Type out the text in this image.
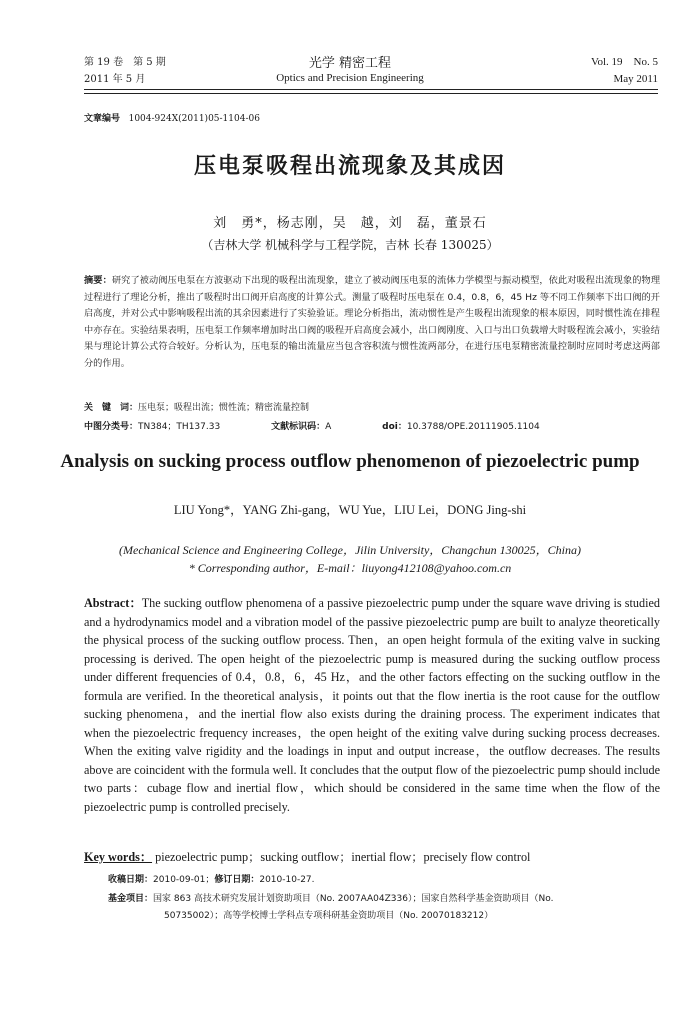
第 19 卷　第 5 期
2011 年 5 月
光学 精密工程
Optics and Precision Engineering
Vol. 19　No. 5
May 2011
文章编号 1004-924X(2011)05-1104-06
压电泵吸程出流现象及其成因
刘　勇*，杨志刚，吴　越，刘　磊，董景石
（吉林大学 机械科学与工程学院，吉林 长春 130025）
摘要：研究了被动阀压电泵在方波驱动下出现的吸程出流现象，建立了被动阀压电泵的流体力学模型与振动模型，依此对吸程出流现象的物理过程进行了理论分析，推出了吸程时出口阀开启高度的计算公式。测量了吸程时压电泵在 0.4，0.8，6，45 Hz 等不同工作频率下出口阀的开启高度，并对公式中影响吸程出流的其余因素进行了实验验证。理论分析指出，流动惯性是产生吸程出流现象的根本原因，同时惯性流在排程中亦存在。实验结果表明，压电泵工作频率增加时出口阀的吸程开启高度会减小，出口阀刚度、入口与出口负载增大时吸程流会减小，实验结果与理论计算公式符合较好。分析认为，压电泵的输出流量应当包含容积流与惯性流两部分，在进行压电泵精密流量控制时应同时考虑这两部分的作用。
关　键　词：压电泵；吸程出流；惯性流；精密流量控制
中图分类号：TN384；TH137.33	文献标识码：A	doi：10.3788/OPE.20111905.1104
Analysis on sucking process outflow phenomenon of piezoelectric pump
LIU Yong*，YANG Zhi-gang，WU Yue，LIU Lei，DONG Jing-shi
(Mechanical Science and Engineering College，Jilin University，Changchun 130025，China)
* Corresponding author，E-mail：liuyong412108@yahoo.com.cn
Abstract：The sucking outflow phenomena of a passive piezoelectric pump under the square wave driving is studied and a hydrodynamics model and a vibration model of the passive piezoelectric pump are built to analyze theoretically the physical process of the sucking outflow process. Then，an open height formula of the exiting valve in sucking processing is derived. The open height of the piezoelectric pump is measured during the sucking outflow process under different frequencies of 0.4，0.8，6，45 Hz，and the other factors effecting on the sucking outflow in the formula are verified. In the theoretical analysis，it points out that the flow inertia is the root cause for the outflow sucking phenomena，and the inertial flow also exists during the draining process. The experiment indicates that when the piezoelectric frequency increases，the open height of the exiting valve during sucking process decreases. When the exiting valve rigidity and the loadings in input and output increase，the outflow decreases. The results above are coincident with the formula well. It concludes that the output flow of the piezoelectric pump should include two parts：cubage flow and inertial flow，which should be considered in the same time when the flow of the piezoelectric pump is controlled precisely.
Key words： piezoelectric pump；sucking outflow；inertial flow；precisely flow control
收稿日期：2010-09-01；修订日期：2010-10-27.
基金项目：国家 863 高技术研究发展计划资助项目（No. 2007AA04Z336）；国家自然科学基金资助项目（No.
50735002）；高等学校博士学科点专项科研基金资助项目（No. 20070183212）
